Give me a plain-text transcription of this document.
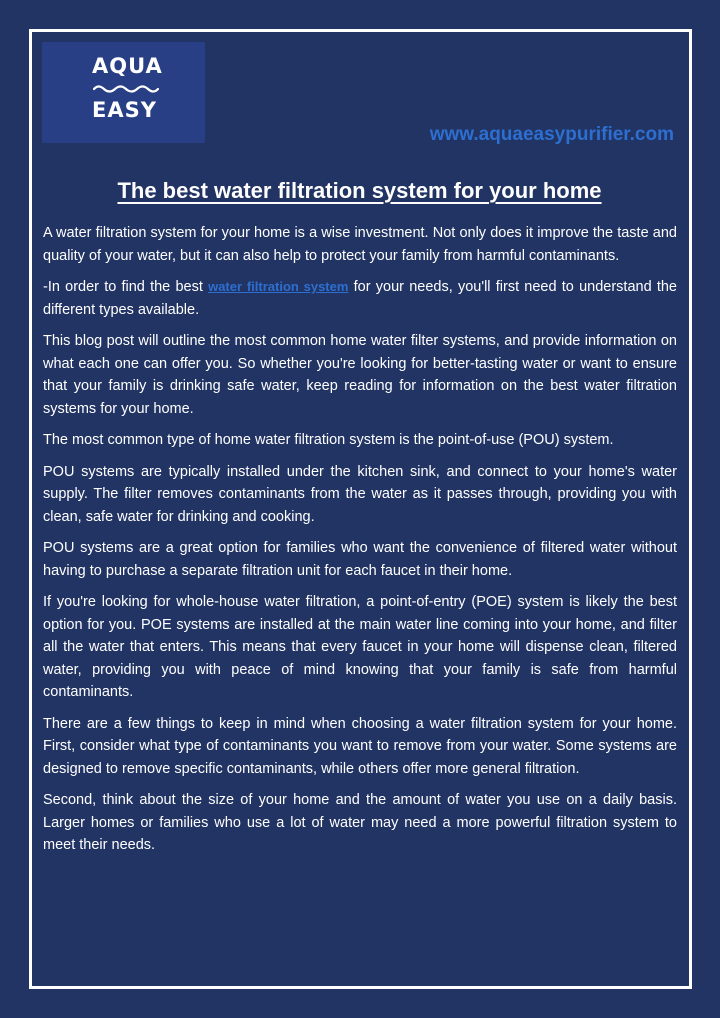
AQUA
EASY
www.aquaeasypurifier.com
The best water filtration system for your home

A water filtration system for your home is a wise investment. Not only does it improve the taste and quality of your water, but it can also help to protect your family from harmful contaminants.

-In order to find the best water filtration system for your needs, you'll first need to understand the different types available.

This blog post will outline the most common home water filter systems, and provide information on what each one can offer you. So whether you're looking for better-tasting water or want to ensure that your family is drinking safe water, keep reading for information on the best water filtration systems for your home.

The most common type of home water filtration system is the point-of-use (POU) system.

POU systems are typically installed under the kitchen sink, and connect to your home's water supply. The filter removes contaminants from the water as it passes through, providing you with clean, safe water for drinking and cooking.

POU systems are a great option for families who want the convenience of filtered water without having to purchase a separate filtration unit for each faucet in their home.

If you're looking for whole-house water filtration, a point-of-entry (POE) system is likely the best option for you. POE systems are installed at the main water line coming into your home, and filter all the water that enters. This means that every faucet in your home will dispense clean, filtered water, providing you with peace of mind knowing that your family is safe from harmful contaminants.

There are a few things to keep in mind when choosing a water filtration system for your home. First, consider what type of contaminants you want to remove from your water. Some systems are designed to remove specific contaminants, while others offer more general filtration.

Second, think about the size of your home and the amount of water you use on a daily basis. Larger homes or families who use a lot of water may need a more powerful filtration system to meet their needs.
